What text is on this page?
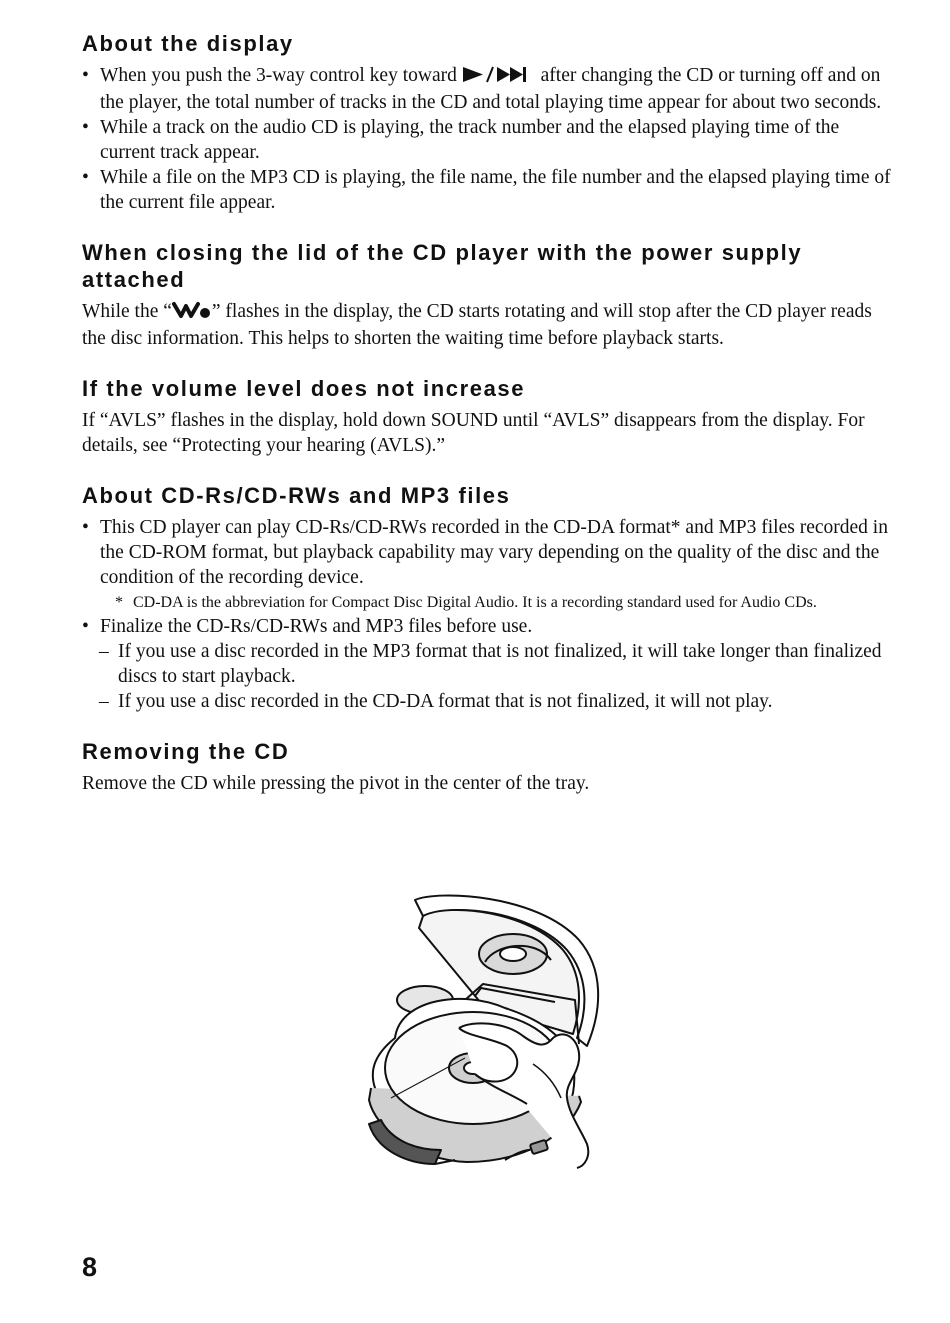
About the display
• When you push the 3-way control key toward	after changing the CD or turning off and on the player, the total number of tracks in the CD and total playing time appear for about two seconds.
• While a track on the audio CD is playing, the track number and the elapsed playing time of the current track appear.
• While a file on the MP3 CD is playing, the file name, the file number and the elapsed playing time of the current file appear.
When closing the lid of the CD player with the power supply attached

While the “ ” flashes in the display, the CD starts rotating and will stop after the CD player reads the disc information. This helps to shorten the waiting time before playback starts.

If the volume level does not increase

If “AVLS” flashes in the display, hold down SOUND until “AVLS” disappears from the display. For details, see “Protecting your hearing (AVLS).”

About CD-Rs/CD-RWs and MP3 files
• This CD player can play CD-Rs/CD-RWs recorded in the CD-DA format* and MP3 files recorded in the CD-ROM format, but playback capability may vary depending on the quality of the disc and the condition of the recording device.
* CD-DA is the abbreviation for Compact Disc Digital Audio. It is a recording standard used for Audio CDs.
• Finalize the CD-Rs/CD-RWs and MP3 files before use.
– If you use a disc recorded in the MP3 format that is not finalized, it will take longer than finalized discs to start playback.
– If you use a disc recorded in the CD-DA format that is not finalized, it will not play.
Removing the CD

Remove the CD while pressing the pivot in the center of the tray.

8
